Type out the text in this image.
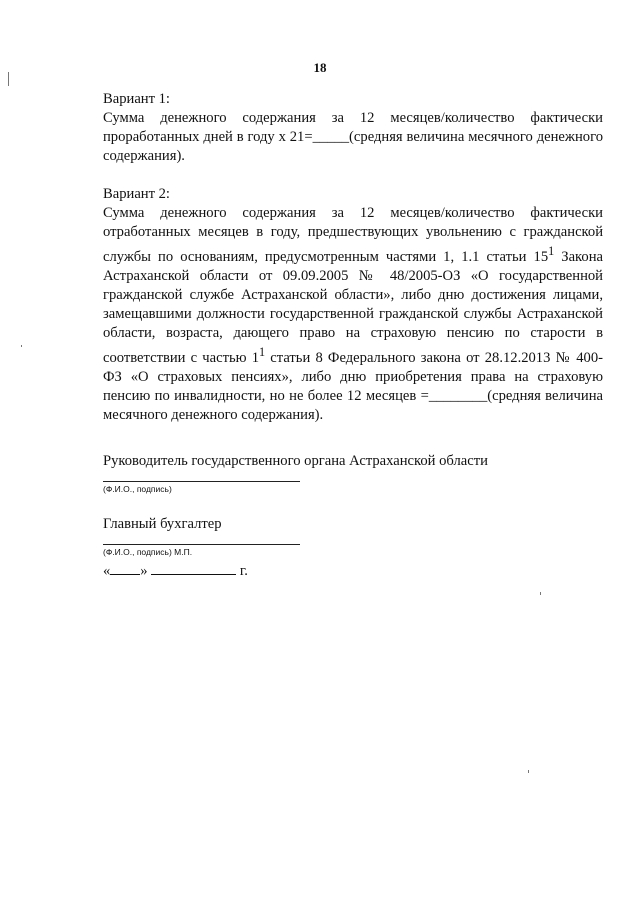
18

Вариант 1:

Сумма денежного содержания за 12 месяцев/количество фактически проработанных дней в году х 21=_____(средняя величина месячного денежного содержания).

Вариант 2:

Сумма денежного содержания за 12 месяцев/количество фактически отработанных месяцев в году, предшествующих увольнению с гражданской службы по основаниям, предусмотренным частями 1, 1.1 статьи $15^1$ Закона Астраханской области от 09.09.2005 № 48/2005-ОЗ «О государственной гражданской службе Астраханской области», либо дню достижения лицами, замещавшими должности государственной гражданской службы Астраханской области, возраста, дающего право на страховую пенсию по старости в соответствии с частью $1^1$ статьи 8 Федерального закона от 28.12.2013 № 400-ФЗ «О страховых пенсиях», либо дню приобретения права на страховую пенсию по инвалидности, но не более 12 месяцев =________(средняя величина месячного денежного содержания).

Руководитель государственного органа Астраханской области

(Ф.И.О., подпись)

Главный бухгалтер

(Ф.И.О., подпись) М.П.

« »	г.
